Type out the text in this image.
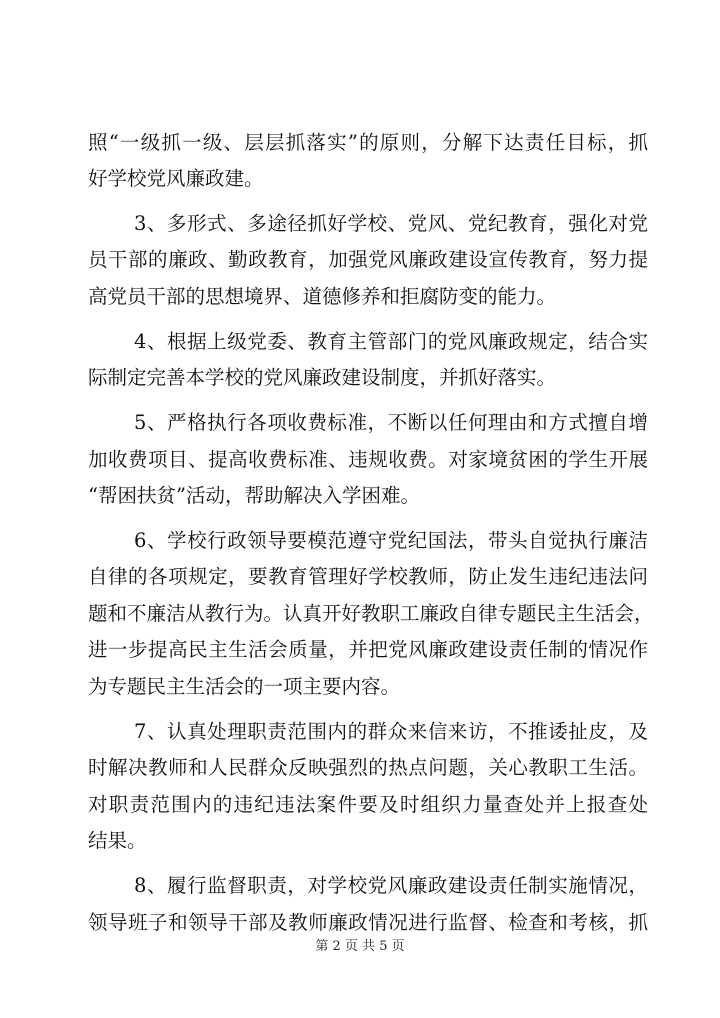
照“一级抓一级、层层抓落实”的原则，分解下达责任目标，抓
好学校党风廉政建。
3、多形式、多途径抓好学校、党风、党纪教育，强化对党
员干部的廉政、勤政教育，加强党风廉政建设宣传教育，努力提
高党员干部的思想境界、道德修养和拒腐防变的能力。
4、根据上级党委、教育主管部门的党风廉政规定，结合实
际制定完善本学校的党风廉政建设制度，并抓好落实。
5、严格执行各项收费标准，不断以任何理由和方式擅自增
加收费项目、提高收费标准、违规收费。对家境贫困的学生开展
“帮困扶贫”活动，帮助解决入学困难。
6、学校行政领导要模范遵守党纪国法，带头自觉执行廉洁
自律的各项规定，要教育管理好学校教师，防止发生违纪违法问
题和不廉洁从教行为。认真开好教职工廉政自律专题民主生活会，
进一步提高民主生活会质量，并把党风廉政建设责任制的情况作
为专题民主生活会的一项主要内容。
7、认真处理职责范围内的群众来信来访，不推诿扯皮，及
时解决教师和人民群众反映强烈的热点问题，关心教职工生活。
对职责范围内的违纪违法案件要及时组织力量查处并上报查处
结果。
8、履行监督职责，对学校党风廉政建设责任制实施情况，
领导班子和领导干部及教师廉政情况进行监督、检查和考核，抓
第 2 页 共 5 页
